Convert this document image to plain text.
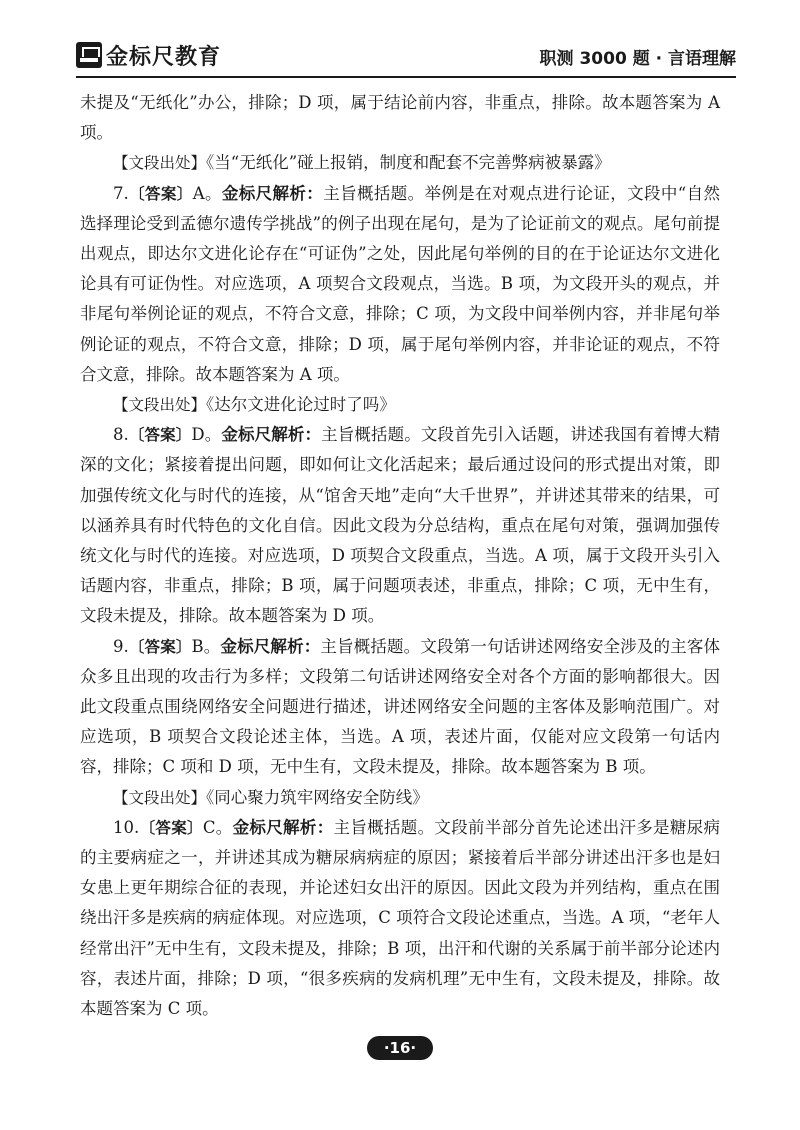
金标尺教育	职测 3000 题 · 言语理解

未提及“无纸化”办公，排除；D 项，属于结论前内容，非重点，排除。故本题答案为 A 项。

【文段出处】《当“无纸化”碰上报销，制度和配套不完善弊病被暴露》

7.〔答案〕A。金标尺解析：主旨概括题。举例是在对观点进行论证，文段中“自然选择理论受到孟德尔遗传学挑战”的例子出现在尾句，是为了论证前文的观点。尾句前提出观点，即达尔文进化论存在“可证伪”之处，因此尾句举例的目的在于论证达尔文进化论具有可证伪性。对应选项，A 项契合文段观点，当选。B 项，为文段开头的观点，并非尾句举例论证的观点，不符合文意，排除；C 项，为文段中间举例内容，并非尾句举例论证的观点，不符合文意，排除；D 项，属于尾句举例内容，并非论证的观点，不符合文意，排除。故本题答案为 A 项。

【文段出处】《达尔文进化论过时了吗》

8.〔答案〕D。金标尺解析：主旨概括题。文段首先引入话题，讲述我国有着博大精深的文化；紧接着提出问题，即如何让文化活起来；最后通过设问的形式提出对策，即加强传统文化与时代的连接，从“馆舍天地”走向“大千世界”，并讲述其带来的结果，可以涵养具有时代特色的文化自信。因此文段为分总结构，重点在尾句对策，强调加强传统文化与时代的连接。对应选项，D 项契合文段重点，当选。A 项，属于文段开头引入话题内容，非重点，排除；B 项，属于问题项表述，非重点，排除；C 项，无中生有，文段未提及，排除。故本题答案为 D 项。

9.〔答案〕B。金标尺解析：主旨概括题。文段第一句话讲述网络安全涉及的主客体众多且出现的攻击行为多样；文段第二句话讲述网络安全对各个方面的影响都很大。因此文段重点围绕网络安全问题进行描述，讲述网络安全问题的主客体及影响范围广。对应选项，B 项契合文段论述主体，当选。A 项，表述片面，仅能对应文段第一句话内容，排除；C 项和 D 项，无中生有，文段未提及，排除。故本题答案为 B 项。

【文段出处】《同心聚力筑牢网络安全防线》

10.〔答案〕C。金标尺解析：主旨概括题。文段前半部分首先论述出汗多是糖尿病的主要病症之一，并讲述其成为糖尿病病症的原因；紧接着后半部分讲述出汗多也是妇女患上更年期综合征的表现，并论述妇女出汗的原因。因此文段为并列结构，重点在围绕出汗多是疾病的病症体现。对应选项，C 项符合文段论述重点，当选。A 项，“老年人经常出汗”无中生有，文段未提及，排除；B 项，出汗和代谢的关系属于前半部分论述内容，表述片面，排除；D 项，“很多疾病的发病机理”无中生有，文段未提及，排除。故本题答案为 C 项。

·16·
